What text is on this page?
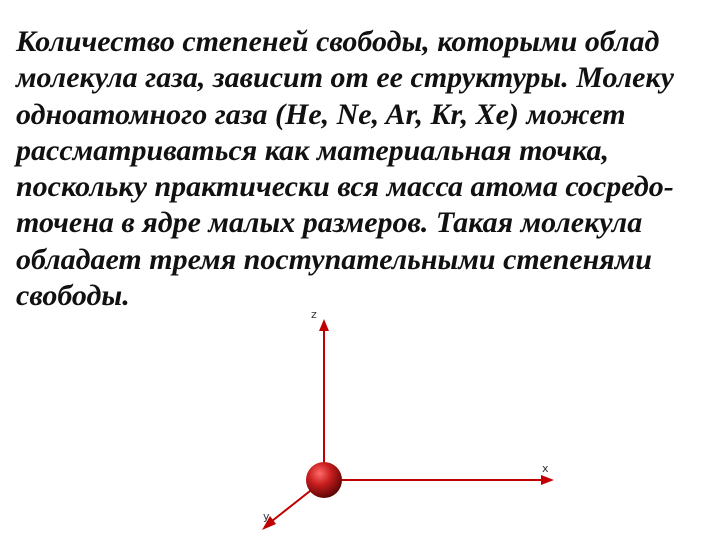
Количество степеней свободы, которыми облад
молекула газа, зависит от ее структуры. Молеку
одноатомного газа (He, Ne, Ar, Kr, Xe) может
рассматриваться как материальная точка,
поскольку практически вся масса атома сосредо-
точена в ядре малых размеров. Такая молекула
обладает тремя поступательными степенями
свободы.

z
x
y
